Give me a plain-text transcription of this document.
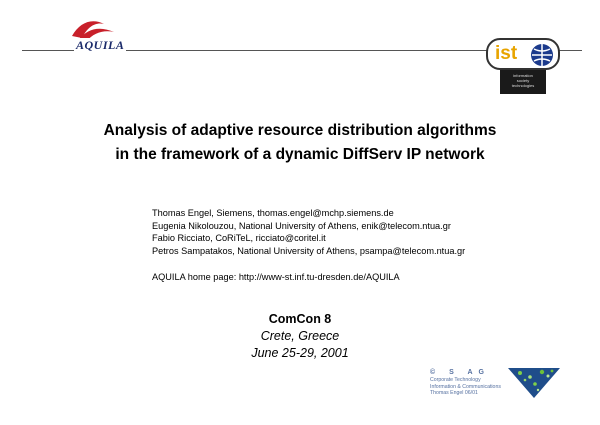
AQUILA	ist
information
society
technologies
Analysis of adaptive resource distribution algorithms
in the framework of a dynamic DiffServ IP network
Thomas Engel, Siemens, thomas.engel@mchp.siemens.de
Eugenia Nikolouzou, National University of Athens, enik@telecom.ntua.gr
Fabio Ricciato, CoRiTeL, ricciato@coritel.it
Petros Sampatakos, National University of Athens, psampa@telecom.ntua.gr
AQUILA home page: http://www-st.inf.tu-dresden.de/AQUILA
ComCon 8
Crete, Greece
June 25-29, 2001
© S AG
Corporate Technology
Information & Communications
Thomas Engel 06/01
